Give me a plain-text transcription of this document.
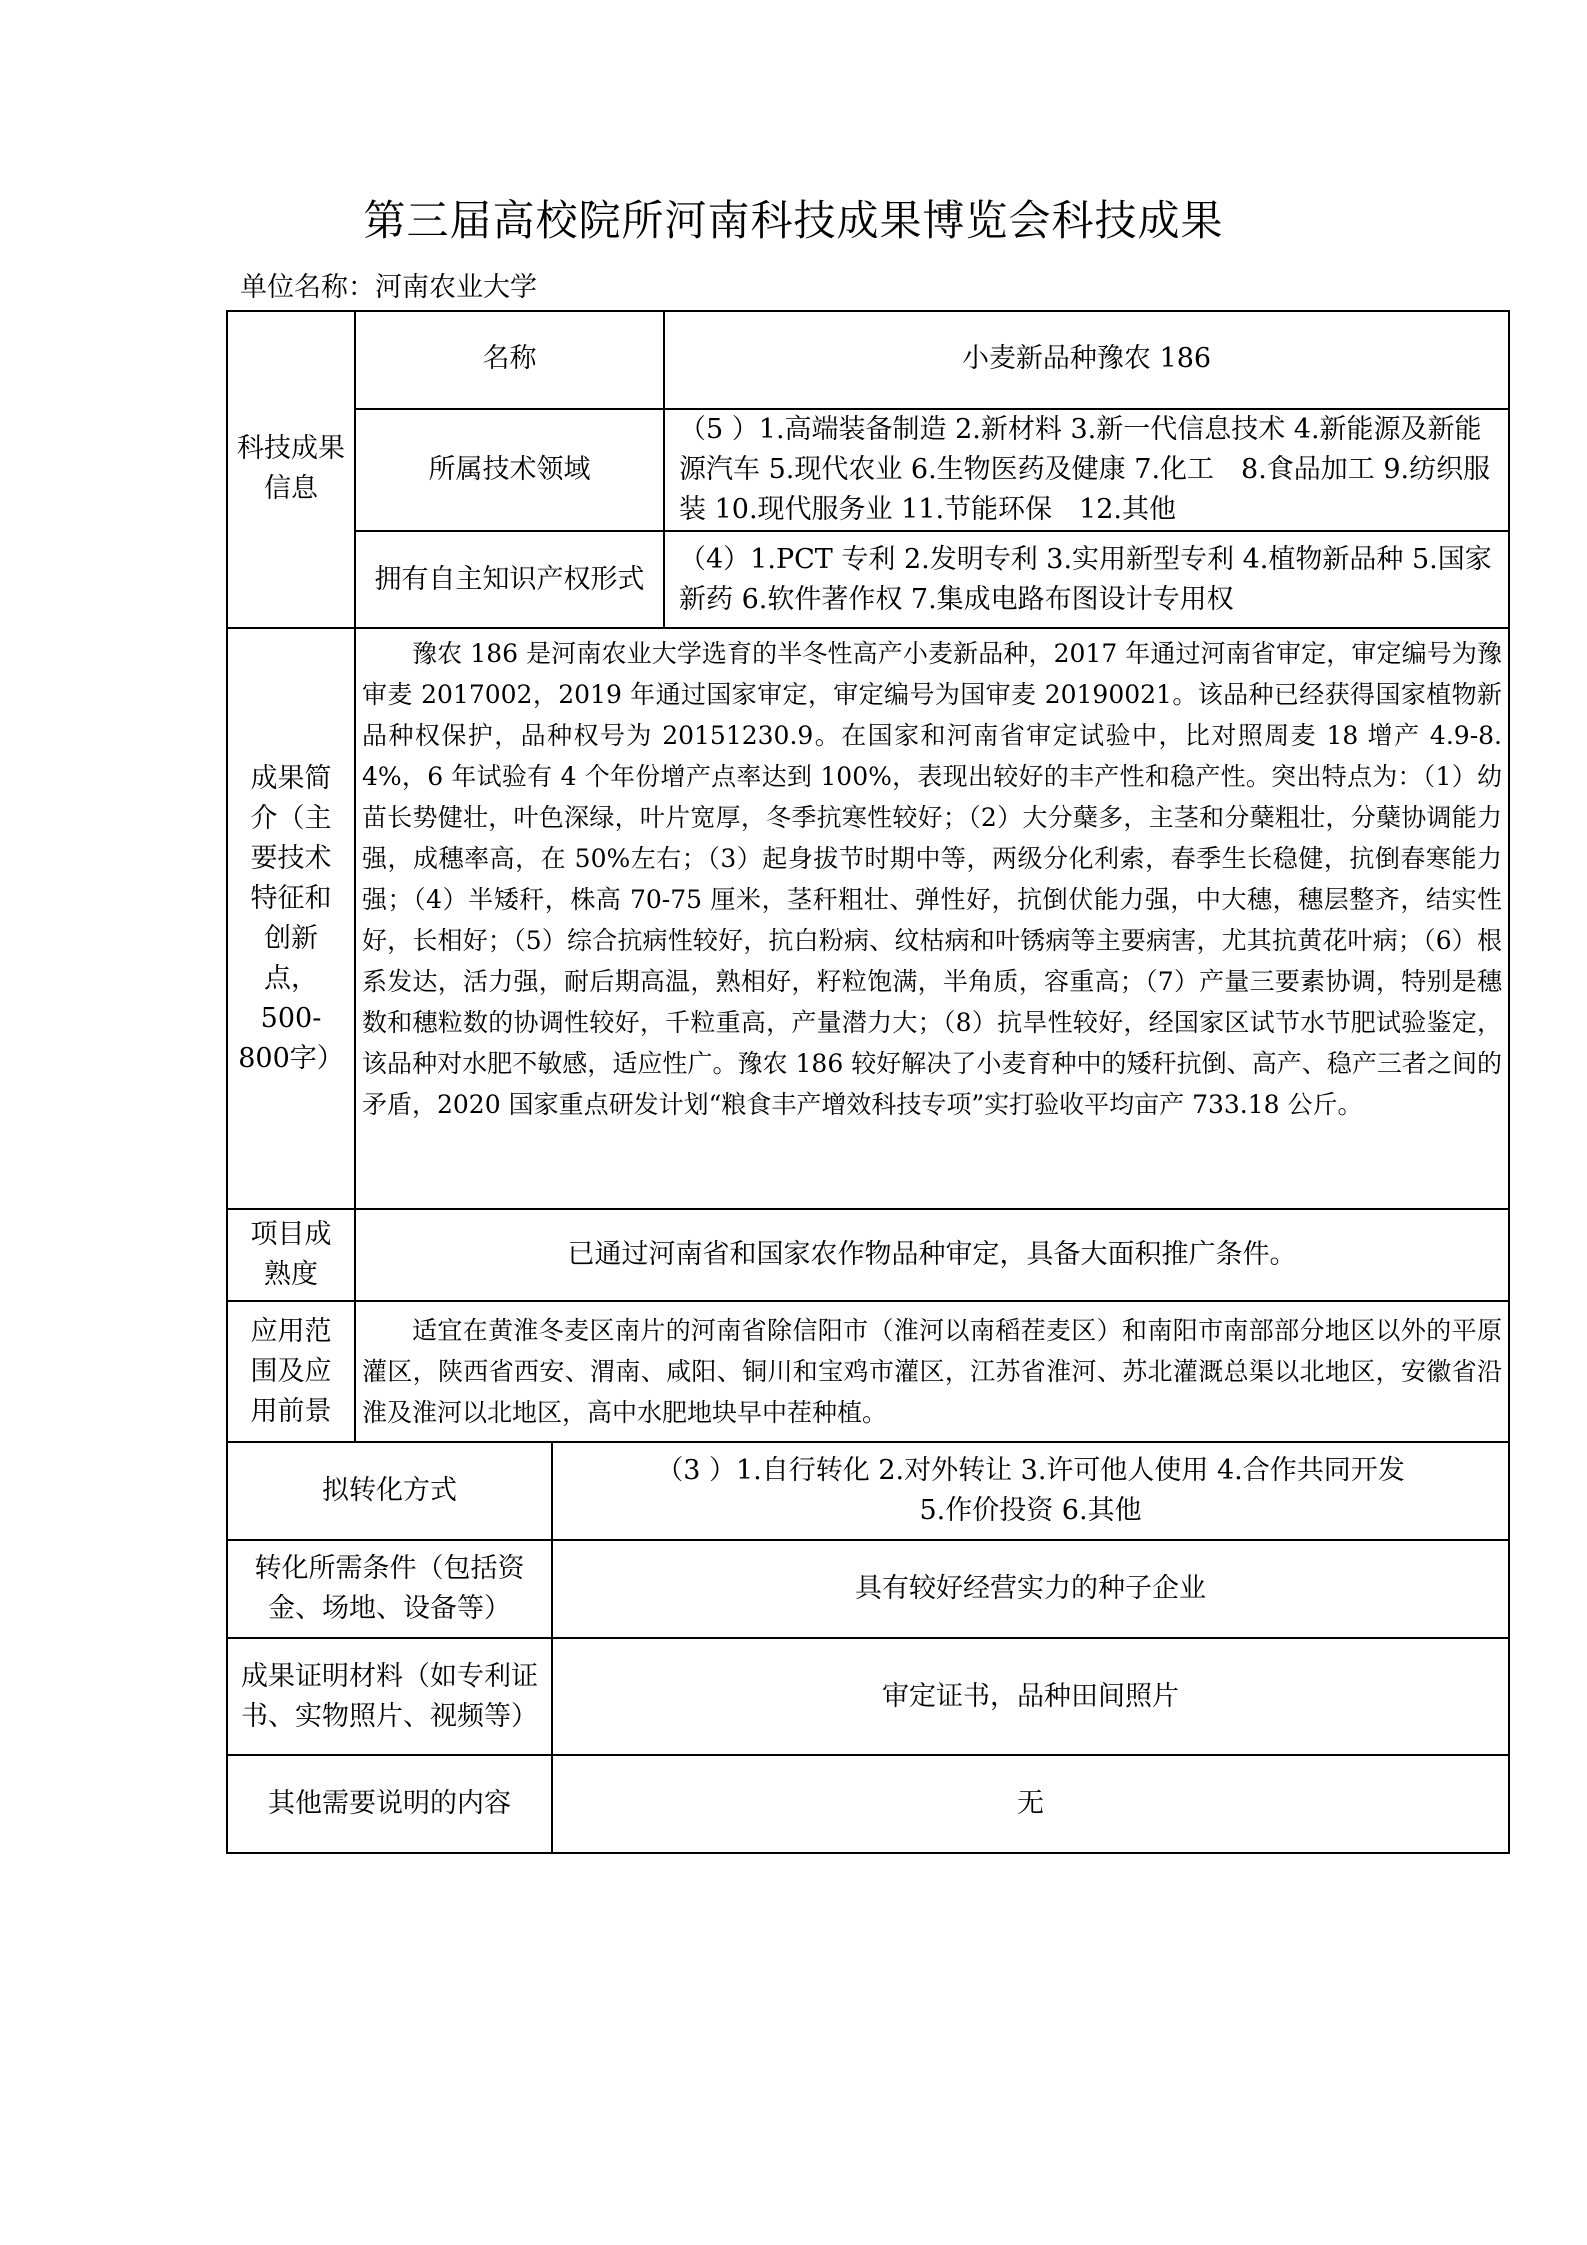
第三届高校院所河南科技成果博览会科技成果
单位名称：河南农业大学
科技成果信息
名称	小麦新品种豫农 186
所属技术领域
（5 ）1.高端装备制造 2.新材料 3.新一代信息技术 4.新能源及新能源汽车 5.现代农业 6.生物医药及健康 7.化工　8.食品加工 9.纺织服装 10.现代服务业 11.节能环保　12.其他
拥有自主知识产权形式
（4）1.PCT 专利 2.发明专利 3.实用新型专利 4.植物新品种 5.国家新药 6.软件著作权 7.集成电路布图设计专用权
成果简介（主要技术特征和创新点，500-800字）
豫农 186 是河南农业大学选育的半冬性高产小麦新品种，2017 年通过河南省审定，审定编号为豫审麦 2017002，2019 年通过国家审定，审定编号为国审麦 20190021。该品种已经获得国家植物新品种权保护，品种权号为 20151230.9。在国家和河南省审定试验中，比对照周麦 18 增产 4.9-8.4%，6 年试验有 4 个年份增产点率达到 100%，表现出较好的丰产性和稳产性。突出特点为：（1）幼苗长势健壮，叶色深绿，叶片宽厚，冬季抗寒性较好；（2）大分蘖多，主茎和分蘖粗壮，分蘖协调能力强，成穗率高，在 50%左右；（3）起身拔节时期中等，两级分化利索，春季生长稳健，抗倒春寒能力强；（4）半矮秆，株高 70-75 厘米，茎秆粗壮、弹性好，抗倒伏能力强，中大穗，穗层整齐，结实性好，长相好；（5）综合抗病性较好，抗白粉病、纹枯病和叶锈病等主要病害，尤其抗黄花叶病；（6）根系发达，活力强，耐后期高温，熟相好，籽粒饱满，半角质，容重高；（7）产量三要素协调，特别是穗数和穗粒数的协调性较好，千粒重高，产量潜力大；（8）抗旱性较好，经国家区试节水节肥试验鉴定，该品种对水肥不敏感，适应性广。豫农 186 较好解决了小麦育种中的矮秆抗倒、高产、稳产三者之间的矛盾，2020 国家重点研发计划“粮食丰产增效科技专项”实打验收平均亩产 733.18 公斤。
项目成熟度
已通过河南省和国家农作物品种审定，具备大面积推广条件。
应用范围及应用前景
适宜在黄淮冬麦区南片的河南省除信阳市（淮河以南稻茬麦区）和南阳市南部部分地区以外的平原灌区，陕西省西安、渭南、咸阳、铜川和宝鸡市灌区，江苏省淮河、苏北灌溉总渠以北地区，安徽省沿淮及淮河以北地区，高中水肥地块早中茬种植。
拟转化方式
（3 ）1.自行转化 2.对外转让 3.许可他人使用 4.合作共同开发
5.作价投资 6.其他
转化所需条件（包括资金、场地、设备等）
具有较好经营实力的种子企业
成果证明材料（如专利证书、实物照片、视频等）
审定证书，品种田间照片
其他需要说明的内容	无
